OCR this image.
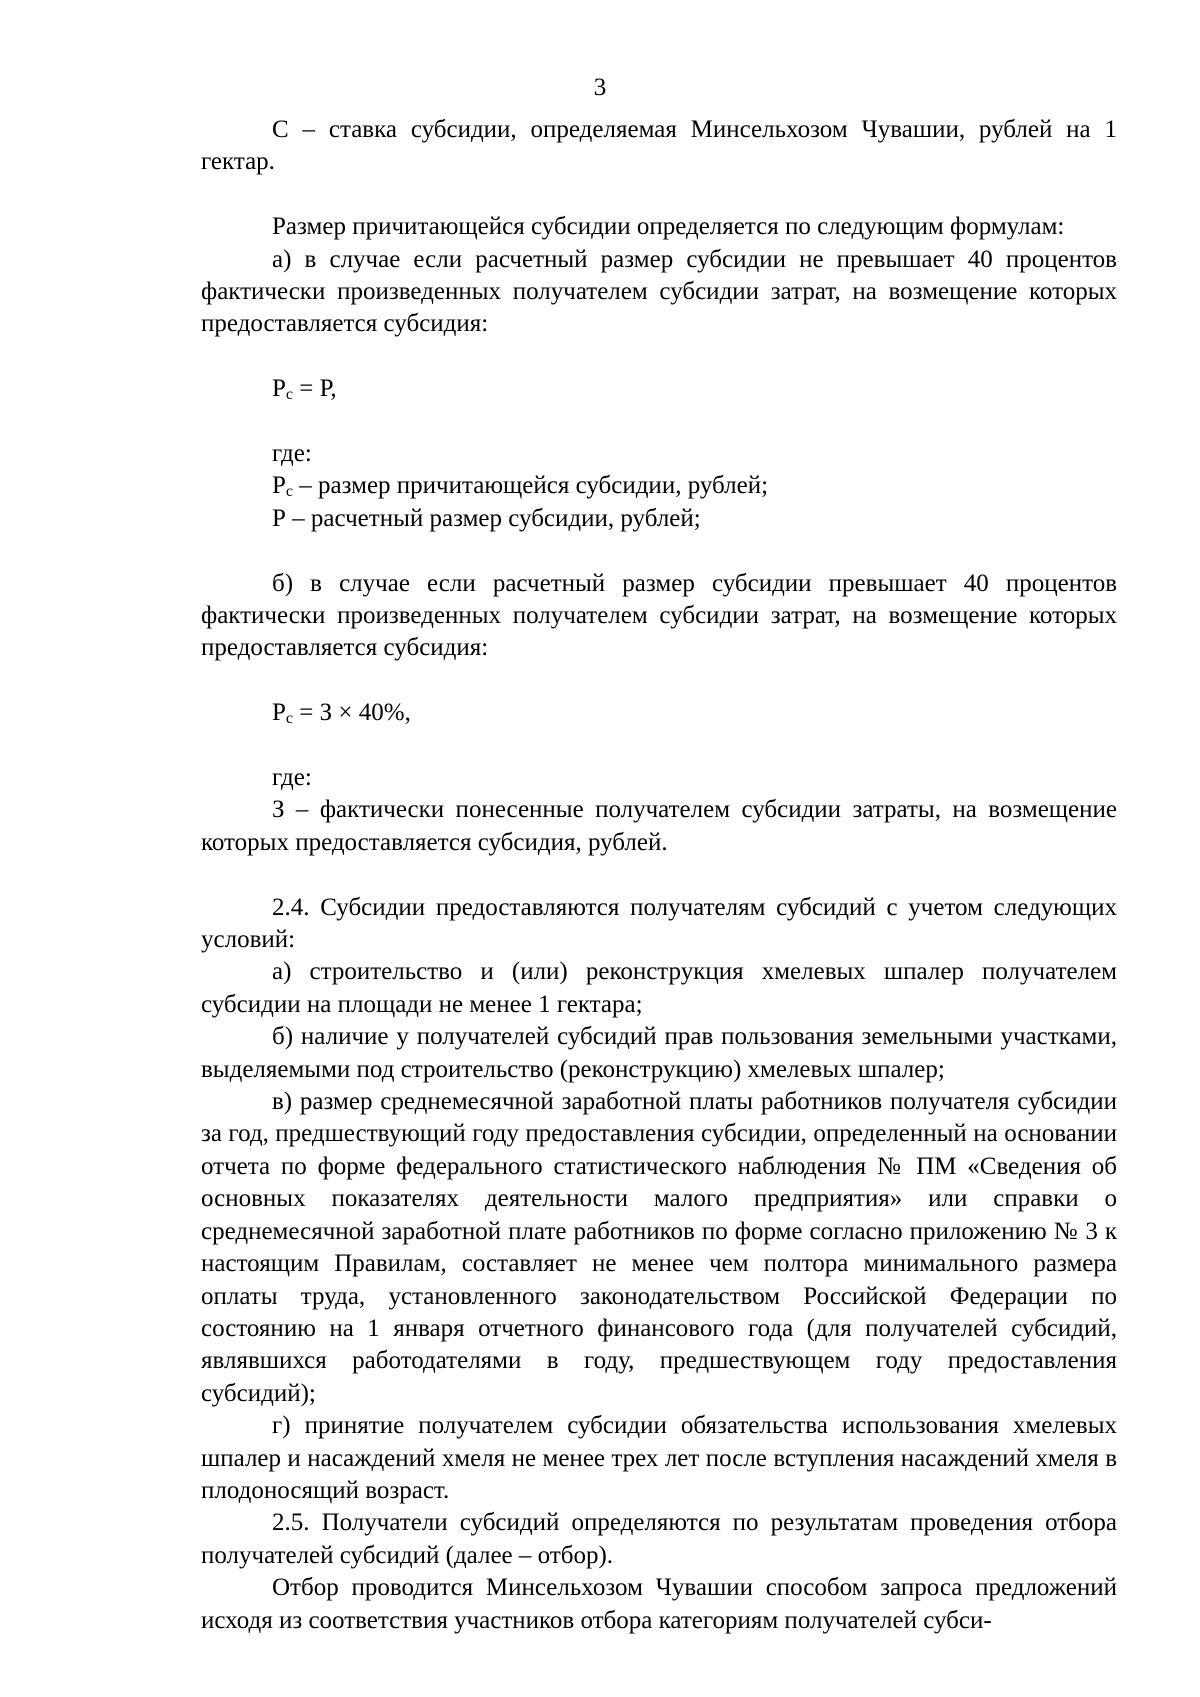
3

С – ставка субсидии, определяемая Минсельхозом Чувашии, рублей на 1 гектар.

Размер причитающейся субсидии определяется по следующим формулам:

а) в случае если расчетный размер субсидии не превышает 40 процентов фактически произведенных получателем субсидии затрат, на возмещение которых предоставляется субсидия:

Рс = Р,

где:

Рс – размер причитающейся субсидии, рублей;

Р – расчетный размер субсидии, рублей;

б) в случае если расчетный размер субсидии превышает 40 процентов фактически произведенных получателем субсидии затрат, на возмещение которых предоставляется субсидия:

Рс = З × 40%,

где:

З – фактически понесенные получателем субсидии затраты, на возмещение которых предоставляется субсидия, рублей.

2.4. Субсидии предоставляются получателям субсидий с учетом следующих условий:

а) строительство и (или) реконструкция хмелевых шпалер получателем субсидии на площади не менее 1 гектара;

б) наличие у получателей субсидий прав пользования земельными участками, выделяемыми под строительство (реконструкцию) хмелевых шпалер;

в) размер среднемесячной заработной платы работников получателя субсидии за год, предшествующий году предоставления субсидии, определенный на основании отчета по форме федерального статистического наблюдения № ПМ «Сведения об основных показателях деятельности малого предприятия» или справки о среднемесячной заработной плате работников по форме согласно приложению № 3 к настоящим Правилам, составляет не менее чем полтора минимального размера оплаты труда, установленного законодательством Российской Федерации по состоянию на 1 января отчетного финансового года (для получателей субсидий, являвшихся работодателями в году, предшествующем году предоставления субсидий);

г) принятие получателем субсидии обязательства использования хмелевых шпалер и насаждений хмеля не менее трех лет после вступления насаждений хмеля в плодоносящий возраст.

2.5. Получатели субсидий определяются по результатам проведения отбора получателей субсидий (далее – отбор).

Отбор проводится Минсельхозом Чувашии способом запроса предложений исходя из соответствия участников отбора категориям получателей субси-
